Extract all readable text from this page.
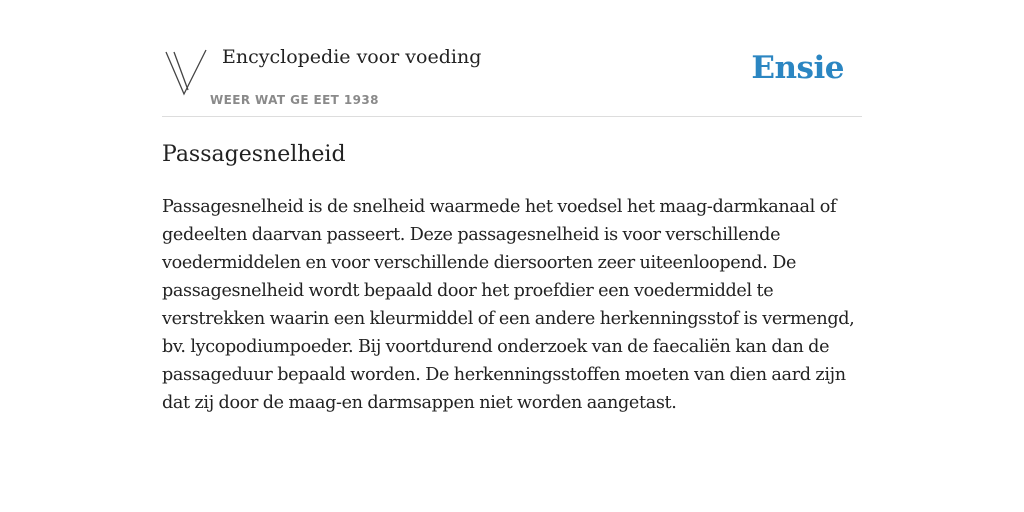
Encyclopedie voor voeding
WEER WAT GE EET 1938
Ensie
Passagesnelheid

Passagesnelheid is de snelheid waarmede het voedsel het maag-darmkanaal of gedeelten daarvan passeert. Deze passagesnelheid is voor verschillende voedermiddelen en voor verschillende diersoorten zeer uiteenloopend. De passagesnelheid wordt bepaald door het proefdier een voedermiddel te verstrekken waarin een kleurmiddel of een andere herkenningsstof is vermengd, bv. lycopodiumpoeder. Bij voortdurend onderzoek van de faecaliën kan dan de passageduur bepaald worden. De herkenningsstoffen moeten van dien aard zijn dat zij door de maag-en darmsappen niet worden aangetast.
